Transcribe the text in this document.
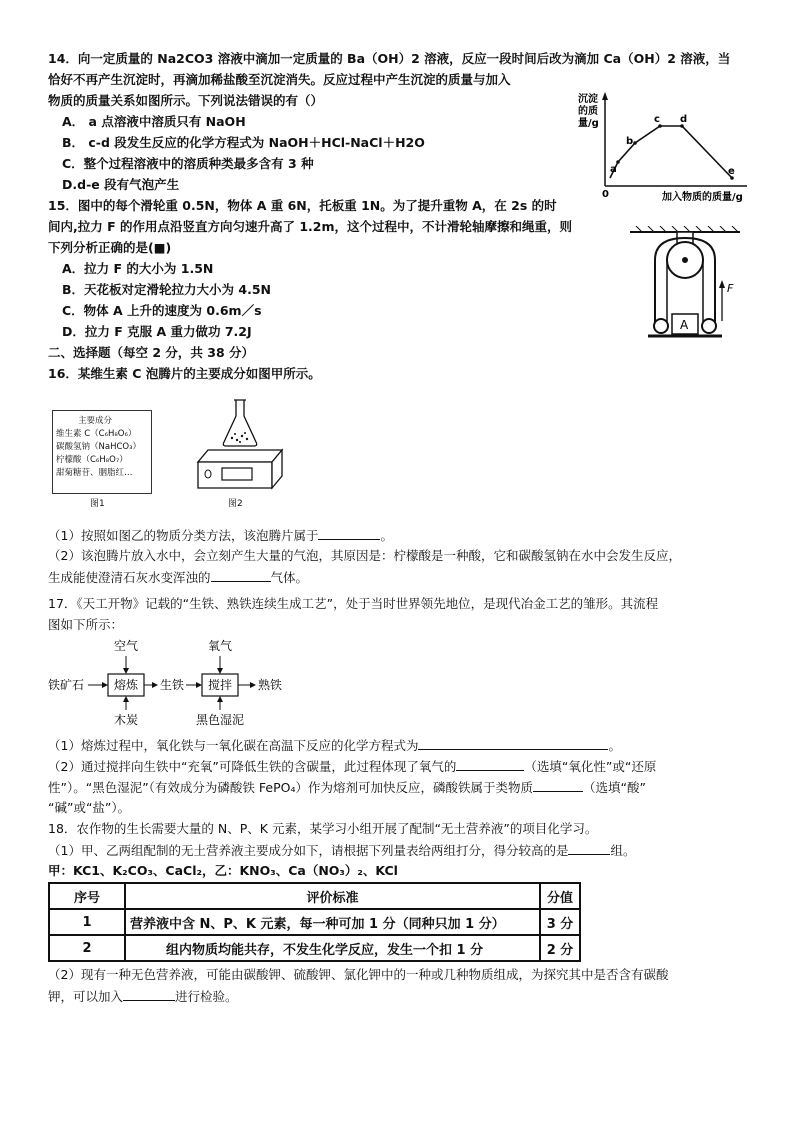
14．向一定质量的 Na2CO3 溶液中滴加一定质量的 Ba（OH）2 溶液，反应一段时间后改为滴加 Ca（OH）2 溶液，当
恰好不再产生沉淀时，再滴加稀盐酸至沉淀消失。反应过程中产生沉淀的质量与加入
物质的质量关系如图所示。下列说法错误的有（）
A． a 点溶液中溶质只有 NaOH
B． c-d 段发生反应的化学方程式为 NaOH＋HCl-NaCl＋H2O
C．整个过程溶液中的溶质种类最多含有 3 种
D.d-e 段有气泡产生
沉淀
的质
量/g
a
b
c d
e
0	加入物质的质量/g
15．图中的每个滑轮重 0.5N，物体 A 重 6N，托板重 1N。为了提升重物 A，在 2s 的时
间内,拉力 F 的作用点沿竖直方向匀速升高了 1.2m，这个过程中，不计滑轮轴摩擦和绳重，则
下列分析正确的是(■)
A．拉力 F 的大小为 1.5N
B．天花板对定滑轮拉力大小为 4.5N
C．物体 A 上升的速度为 0.6m／s
D．拉力 F 克服 A 重力做功 7.2J	A
F
二、选择题（每空 2 分，共 38 分）
16．某维生素 C 泡腾片的主要成分如图甲所示。
主要成分
维生素 C（C₆H₈O₆）
碳酸氢钠（NaHCO₃）
柠檬酸（C₆H₈O₇）
甜菊糖苷、胭脂红…
图1	图2
（1）按照如图乙的物质分类方法，该泡腾片属于	。
（2）该泡腾片放入水中，会立刻产生大量的气泡，其原因是：柠檬酸是一种酸，它和碳酸氢钠在水中会发生反应，
生成能使澄清石灰水变浑浊的	气体。
17．《天工开物》记载的“生铁、熟铁连续生成工艺”，处于当时世界领先地位，是现代冶金工艺的雏形。其流程
图如下所示：
空气	氧气
铁矿石 熔炼 生铁 搅拌 熟铁
木炭	黑色湿泥
（1）熔炼过程中，氧化铁与一氧化碳在高温下反应的化学方程式为	。
（2）通过搅拌向生铁中“充氧”可降低生铁的含碳量，此过程体现了氧气的	（选填“氧化性”或“还原
性”）。“黑色湿泥”（有效成分为磷酸铁 FePO₄）作为熔剂可加快反应，磷酸铁属于类物质	（选填“酸”
“碱”或“盐”）。
18．农作物的生长需要大量的 N、P、K 元素，某学习小组开展了配制“无土营养液”的项目化学习。
（1）甲、乙两组配制的无土营养液主要成分如下，请根据下列量表给两组打分，得分较高的是	组。
甲：KC1、K₂CO₃、CaCl₂，乙：KNO₃、Ca（NO₃）₂、KCl
序号	评价标准	分值
1	营养液中含 N、P、K 元素，每一种可加 1 分（同种只加 1 分）	3 分
2	组内物质均能共存，不发生化学反应，发生一个扣 1 分	2 分
（2）现有一种无色营养液，可能由碳酸钾、硫酸钾、氯化钾中的一种或几种物质组成，为探究其中是否含有碳酸
钾，可以加入	进行检验。
